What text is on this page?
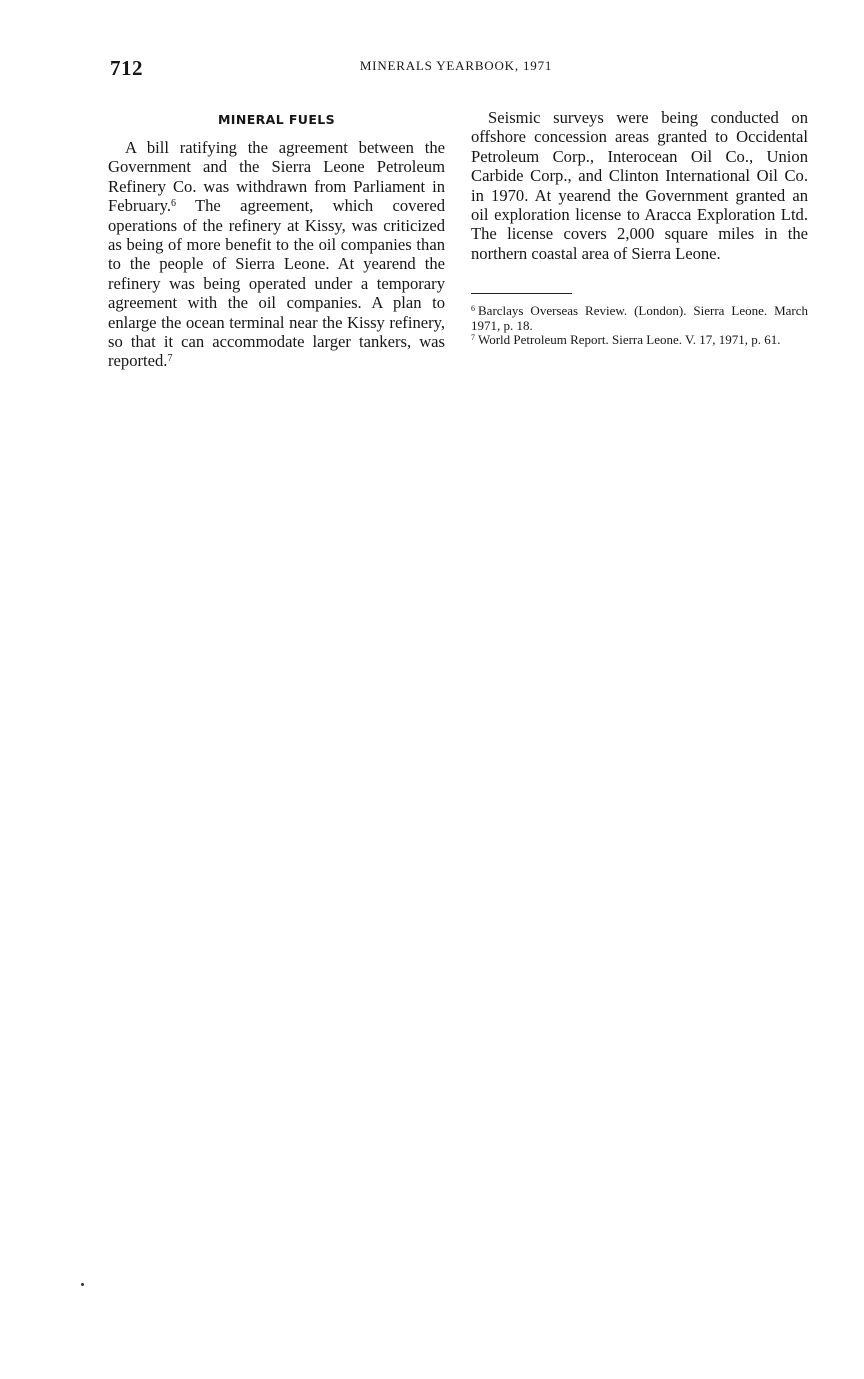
712	MINERALS YEARBOOK, 1971
MINERAL FUELS

A bill ratifying the agreement between the Government and the Sierra Leone Petroleum Refinery Co. was withdrawn from Parliament in February.$^6$ The agreement, which covered operations of the refinery at Kissy, was criticized as being of more benefit to the oil companies than to the people of Sierra Leone. At yearend the refinery was being operated under a temporary agreement with the oil companies. A plan to enlarge the ocean terminal near the Kissy refinery, so that it can accommodate larger tankers, was reported.$^7$

Seismic surveys were being conducted on offshore concession areas granted to Occidental Petroleum Corp., Interocean Oil Co., Union Carbide Corp., and Clinton International Oil Co. in 1970. At yearend the Government granted an oil exploration license to Aracca Exploration Ltd. The license covers 2,000 square miles in the northern coastal area of Sierra Leone.

$^6$ Barclays Overseas Review. (London). Sierra Leone. March 1971, p. 18.

$^7$ World Petroleum Report. Sierra Leone. V. 17, 1971, p. 61.
